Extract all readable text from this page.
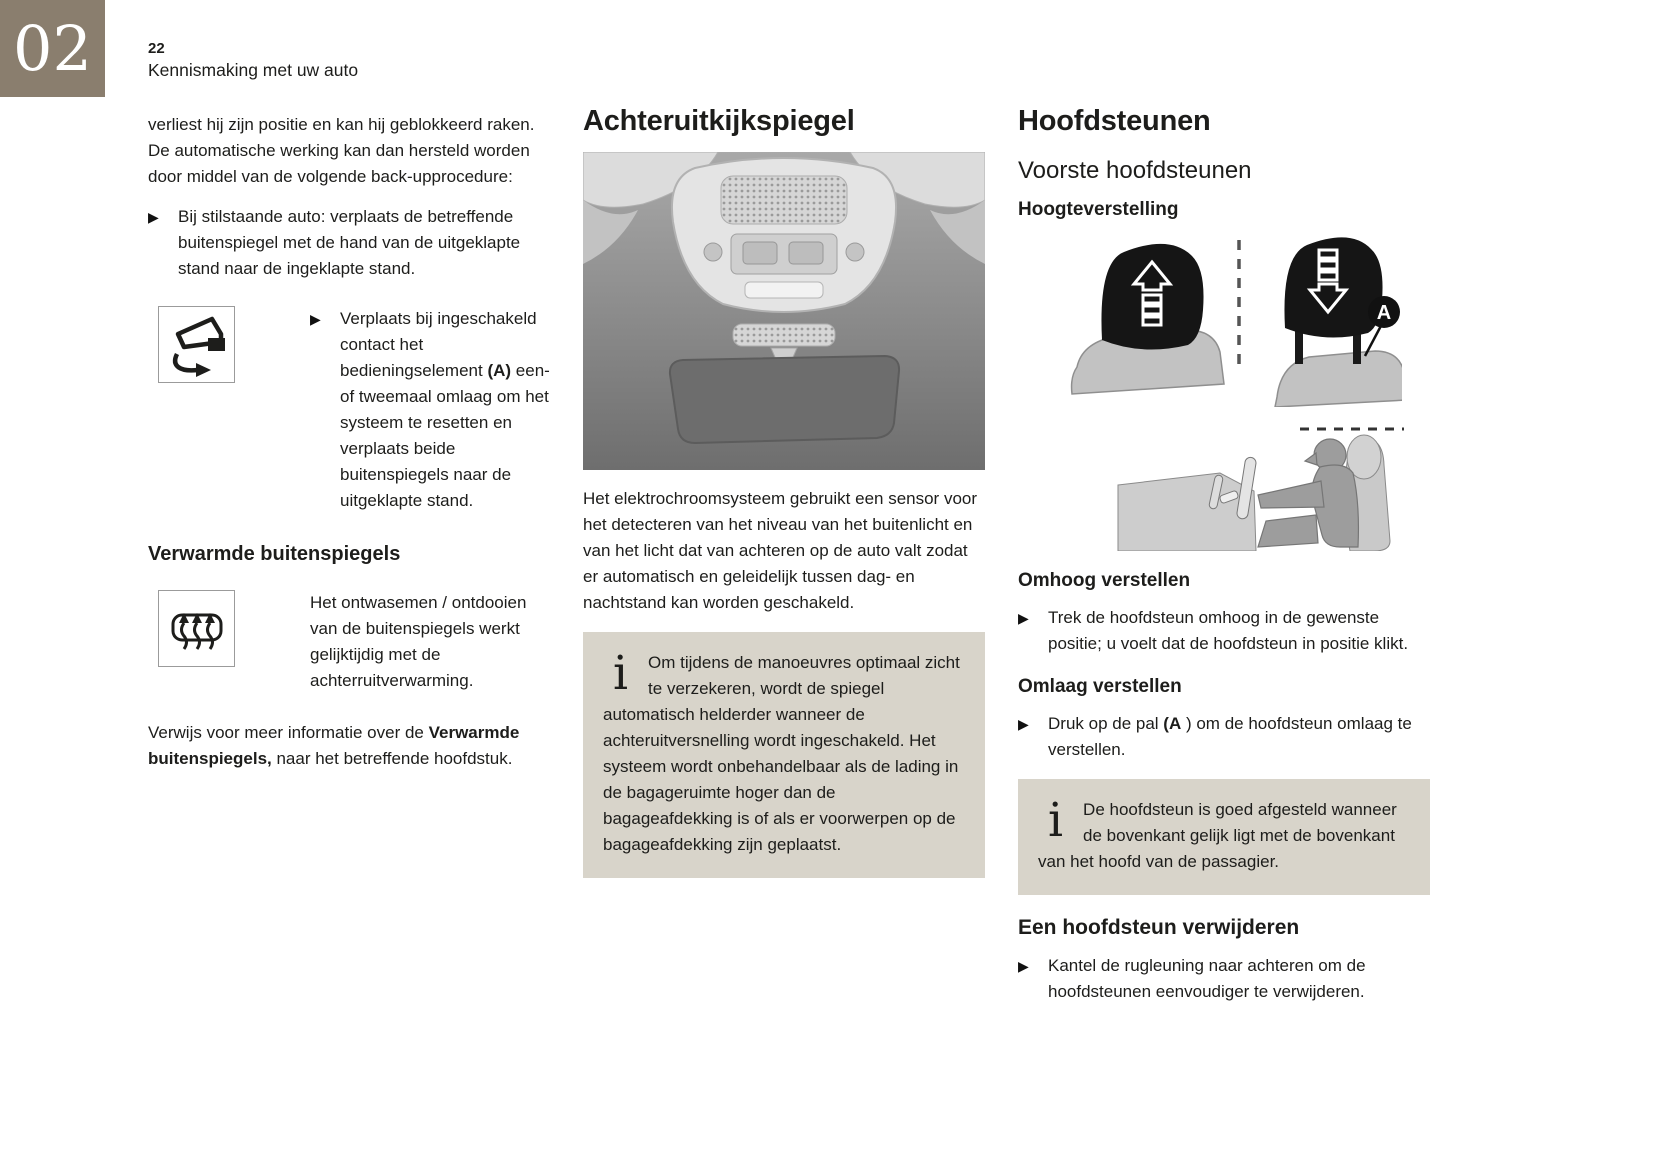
02	22
Kennismaking met uw auto

verliest hij zijn positie en kan hij geblokkeerd raken.

De automatische werking kan dan hersteld worden door middel van de volgende back-upprocedure:

▶	Bij stilstaande auto: verplaats de betreffende buitenspiegel met de hand van de uitgeklapte stand naar de ingeklapte stand.
▶	Verplaats bij ingeschakeld contact het bedieningselement (A) een- of tweemaal omlaag om het systeem te resetten en verplaats beide buitenspiegels naar de uitgeklapte stand.
Verwarmde buitenspiegels
Het ontwasemen / ontdooien van de buitenspiegels werkt gelijktijdig met de achterruitverwarming.

Verwijs voor meer informatie over de Verwarmde buitenspiegels, naar het betreffende hoofdstuk.

Achteruitkijkspiegel

Het elektrochroomsysteem gebruikt een sensor voor het detecteren van het niveau van het buitenlicht en van het licht dat van achteren op de auto valt zodat er automatisch en geleidelijk tussen dag- en nachtstand kan worden geschakeld.

i Om tijdens de manoeuvres optimaal zicht te verzekeren, wordt de spiegel automatisch helderder wanneer de achteruitversnelling wordt ingeschakeld. Het systeem wordt onbehandelbaar als de lading in de bagageruimte hoger dan de bagageafdekking is of als er voorwerpen op de bagageafdekking zijn geplaatst.
Hoofdsteunen
Voorste hoofdsteunen
Hoogteverstelling
A
Omhoog verstellen
▶	Trek de hoofdsteun omhoog in de gewenste positie; u voelt dat de hoofdsteun in positie klikt.
Omlaag verstellen
▶	Druk op de pal (A ) om de hoofdsteun omlaag te verstellen.
i De hoofdsteun is goed afgesteld wanneer de bovenkant gelijk ligt met de bovenkant van het hoofd van de passagier.
Een hoofdsteun verwijderen
▶	Kantel de rugleuning naar achteren om de hoofdsteunen eenvoudiger te verwijderen.
